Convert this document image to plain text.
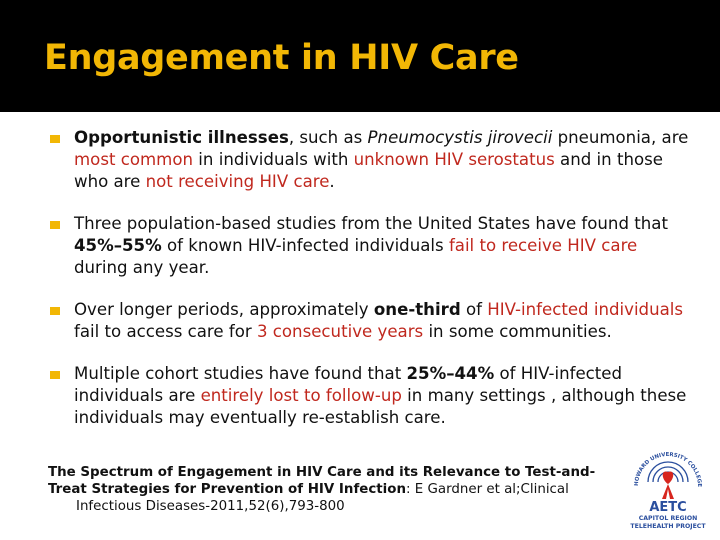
Engagement in HIV Care
Opportunistic illnesses, such as Pneumocystis jirovecii pneumonia, are most common in individuals with unknown HIV serostatus and in those who are not receiving HIV care.
Three population-based studies from the United States have found that 45%–55% of known HIV-infected individuals fail to receive HIV care during any year.
Over longer periods, approximately one-third of HIV-infected individuals fail to access care for 3 consecutive years in some communities.
Multiple cohort studies have found that 25%–44% of HIV-infected individuals are entirely lost to follow-up in many settings , although these individuals may eventually re-establish care.
The Spectrum of Engagement in HIV Care and its Relevance to Test-and-Treat Strategies for Prevention of HIV Infection: E Gardner et al;Clinical
Infectious Diseases-2011,52(6),793-800
HOWARD UNIVERSITY COLLEGE
AETC
CAPITOL REGION
TELEHEALTH PROJECT
